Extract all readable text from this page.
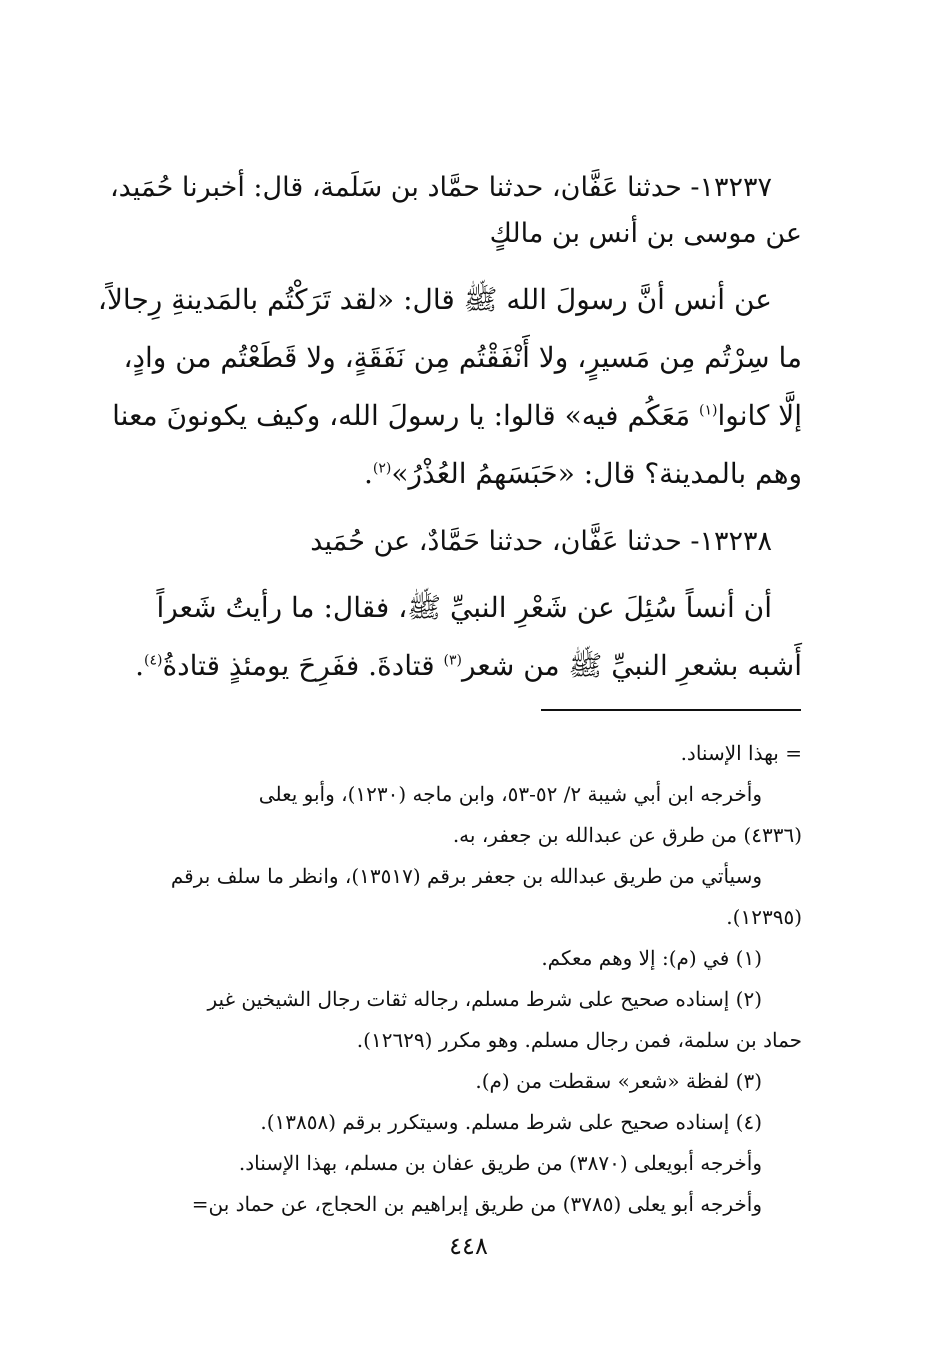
١٣٢٣٧- حدثنا عَفَّان، حدثنا حمَّاد بن سَلَمة، قال: أخبرنا حُمَيد،
عن موسى بن أنس بن مالكٍ
عن أنس أنَّ رسولَ الله ﷺ قال: «لقد تَرَكْتُم بالمَدينةِ رِجالاً،
ما سِرْتُم مِن مَسيرٍ، ولا أَنْفَقْتُم مِن نَفَقَةٍ، ولا قَطَعْتُم من وادٍ،
إلَّا كانوا$^{(١)}$ مَعَكُم فيه» قالوا: يا رسولَ الله، وكيف يكونونَ معنا
وهم بالمدينة؟ قال: «حَبَسَهمُ العُذْرُ»$^{(٢)}$.
١٣٢٣٨- حدثنا عَفَّان، حدثنا حَمَّادٌ، عن حُمَيد
أن أنساً سُئِلَ عن شَعْرِ النبيِّ ﷺ، فقال: ما رأيتُ شَعراً
أَشبه بشعرِ النبيِّ ﷺ من شعر$^{(٣)}$ قتادةَ. ففَرِحَ يومئذٍ قتادةُ$^{(٤)}$.
= بهذا الإسناد.
وأخرجه ابن أبي شيبة ٢/ ٥٢-٥٣، وابن ماجه (١٢٣٠)، وأبو يعلى
(٤٣٣٦) من طرق عن عبدالله بن جعفر، به.
وسيأتي من طريق عبدالله بن جعفر برقم (١٣٥١٧)، وانظر ما سلف برقم
(١٢٣٩٥).
(١) في (م): إلا وهم معكم.
(٢) إسناده صحيح على شرط مسلم، رجاله ثقات رجال الشيخين غير
حماد بن سلمة، فمن رجال مسلم. وهو مكرر (١٢٦٢٩).
(٣) لفظة «شعر» سقطت من (م).
(٤) إسناده صحيح على شرط مسلم. وسيتكرر برقم (١٣٨٥٨).
وأخرجه أبويعلى (٣٨٧٠) من طريق عفان بن مسلم، بهذا الإسناد.
وأخرجه أبو يعلى (٣٧٨٥) من طريق إبراهيم بن الحجاج، عن حماد بن=
٤٤٨
